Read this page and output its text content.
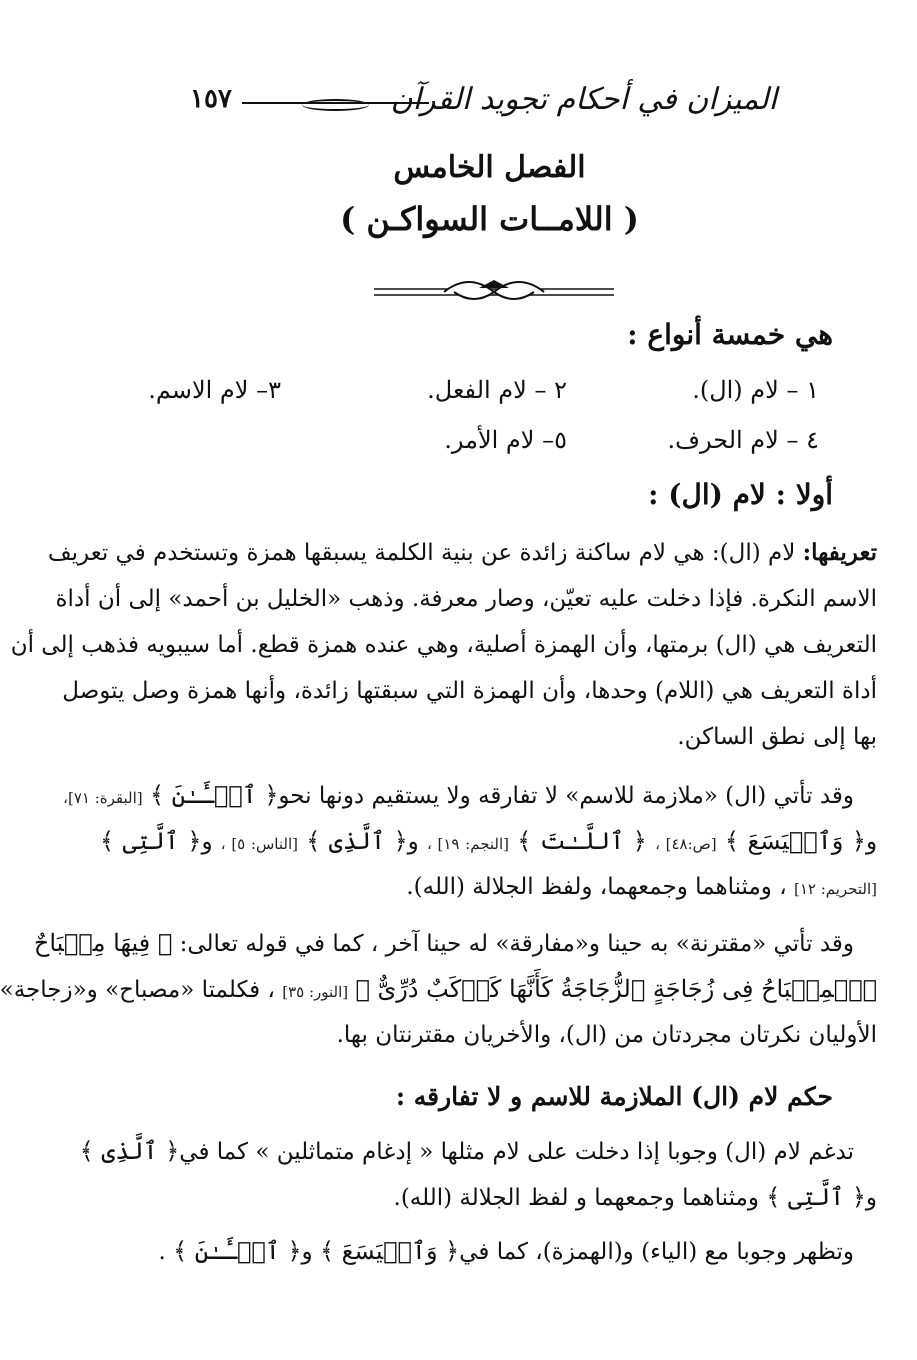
الميزان في أحكام تجويد القرآن
١٥٧
الفصل الخامس
( اللامــات السواكـن )
هي خمسة أنواع :
١ – لام (ال).
٢ – لام الفعل.
٣– لام الاسم.
٤ – لام الحرف.
٥– لام الأمر.
أولا : لام (ال) :
تعريفها: لام (ال): هي لام ساكنة زائدة عن بنية الكلمة يسبقها همزة وتستخدم في تعريف
الاسم النكرة. فإذا دخلت عليه تعيّن، وصار معرفة. وذهب «الخليل بن أحمد» إلى أن أداة
التعريف هي (ال) برمتها، وأن الهمزة أصلية، وهي عنده همزة قطع. أما سيبويه فذهب إلى أن
أداة التعريف هي (اللام) وحدها، وأن الهمزة التي سبقتها زائدة، وأنها همزة وصل يتوصل
بها إلى نطق الساكن.
 وقد تأتي (ال) «ملازمة للاسم» لا تفارقه ولا يستقيم دونها نحو﴿ ٱلۡـَٔـٰنَ ﴾ [البقرة: ٧١]،
و﴿ وَٱلۡيَسَعَ ﴾ [ص:٤٨] ، ﴿ ٱللَّـٰتَ ﴾ [النجم: ١٩] ، و﴿ ٱلَّذِى ﴾ [الناس: ٥] ، و﴿ ٱلَّتِى ﴾
[التحريم: ١٢] ، ومثناهما وجمعهما، ولفظ الجلالة (الله).
 وقد تأتي «مقترنة» به حينا و«مفارقة» له حينا آخر ، كما في قوله تعالى: ﴿ فِيهَا مِصۡبَاحٌ
ٱلۡمِصۡبَاحُ فِى زُجَاجَةٍ ٱلزُّجَاجَةُ كَأَنَّهَا كَوۡكَبٌ دُرِّىٌّ ﴾ [النور: ٣٥] ، فكلمتا «مصباح» و«زجاجة»
الأوليان نكرتان مجردتان من (ال)، والأخريان مقترنتان بها.
حكم لام (ال) الملازمة للاسم و لا تفارقه :
 تدغم لام (ال) وجوبا إذا دخلت على لام مثلها « إدغام متماثلين » كما في﴿ ٱلَّذِى ﴾
و﴿ ٱلَّتِى ﴾ ومثناهما وجمعهما و لفظ الجلالة (الله).
 وتظهر وجوبا مع (الياء) و(الهمزة)، كما في﴿ وَٱلۡيَسَعَ ﴾ و﴿ ٱلۡـَٔـٰنَ ﴾ .
